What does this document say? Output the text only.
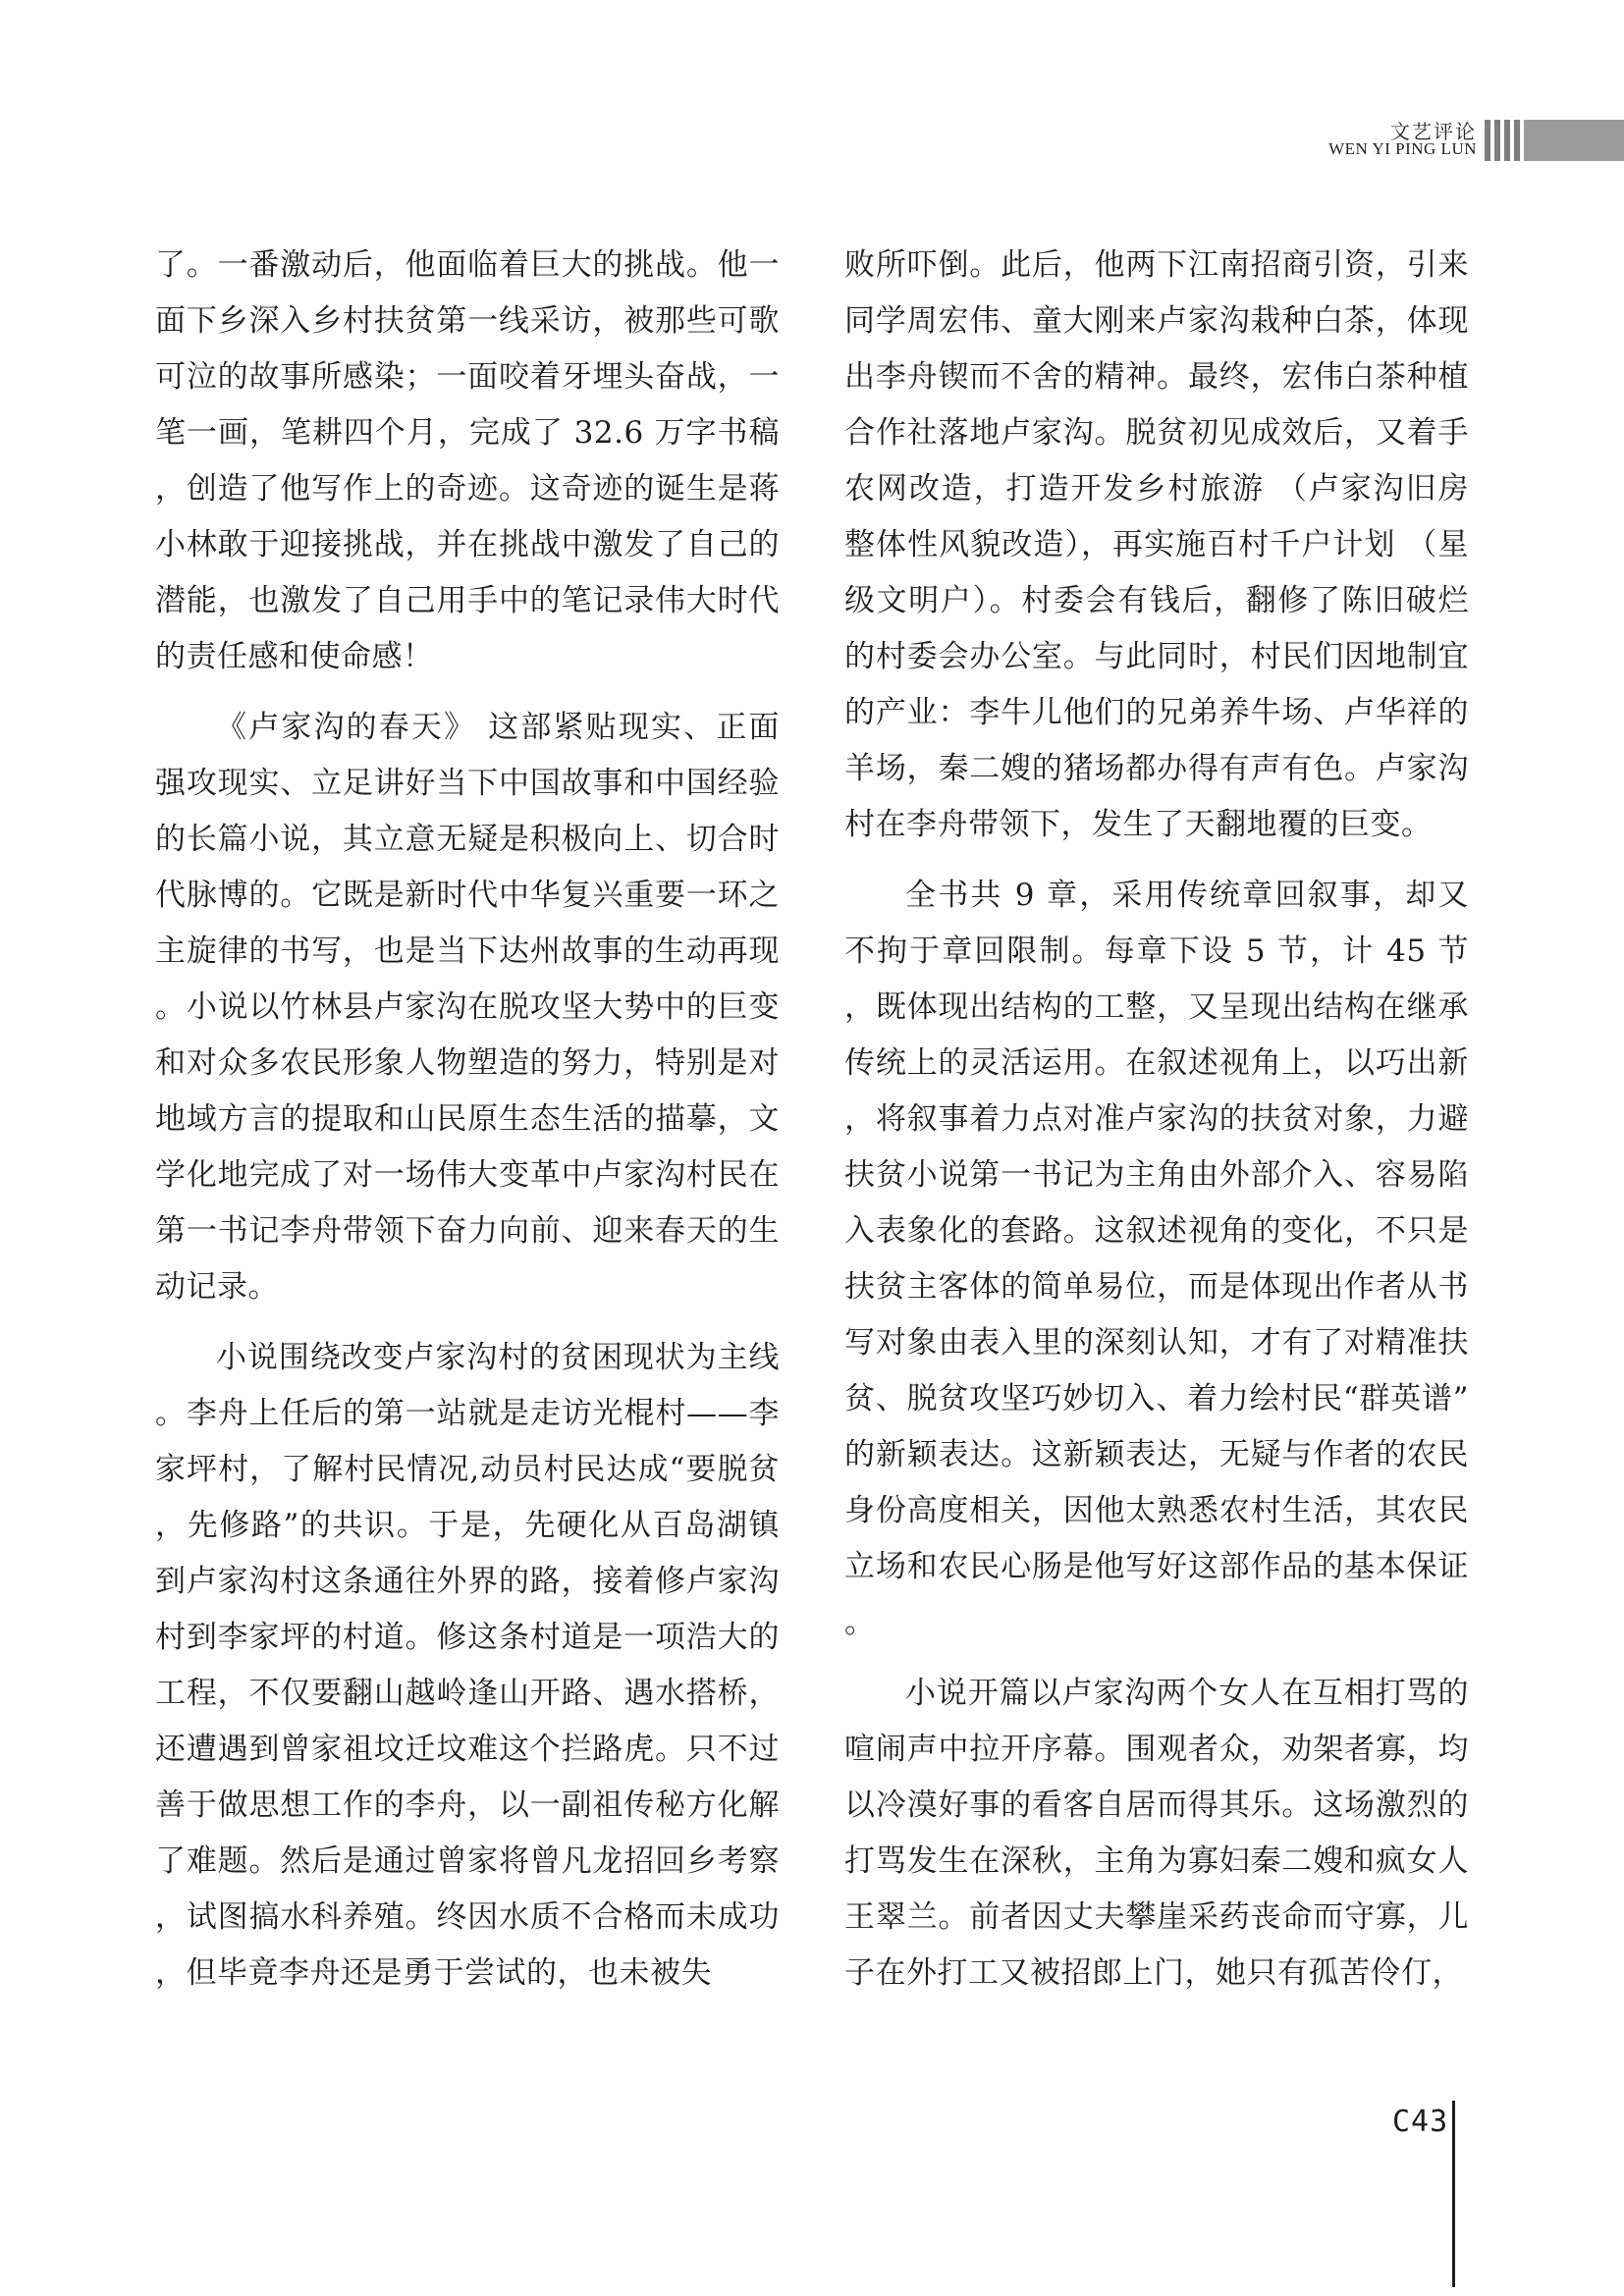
文艺评论
WEN YI PING LUN

了。一番激动后，他面临着巨大的挑战。他一面下乡深入乡村扶贫第一线采访，被那些可歌可泣的故事所感染；一面咬着牙埋头奋战，一笔一画，笔耕四个月，完成了 32.6 万字书稿，创造了他写作上的奇迹。这奇迹的诞生是蒋小林敢于迎接挑战，并在挑战中激发了自己的潜能，也激发了自己用手中的笔记录伟大时代的责任感和使命感！

《卢家沟的春天》 这部紧贴现实、正面强攻现实、立足讲好当下中国故事和中国经验的长篇小说，其立意无疑是积极向上、切合时代脉博的。它既是新时代中华复兴重要一环之主旋律的书写，也是当下达州故事的生动再现。小说以竹林县卢家沟在脱攻坚大势中的巨变和对众多农民形象人物塑造的努力，特别是对地域方言的提取和山民原生态生活的描摹，文学化地完成了对一场伟大变革中卢家沟村民在第一书记李舟带领下奋力向前、迎来春天的生动记录。

小说围绕改变卢家沟村的贫困现状为主线。李舟上任后的第一站就是走访光棍村——李家坪村，了解村民情况,动员村民达成“要脱贫，先修路”的共识。于是，先硬化从百岛湖镇到卢家沟村这条通往外界的路，接着修卢家沟村到李家坪的村道。修这条村道是一项浩大的工程，不仅要翻山越岭逢山开路、遇水搭桥，还遭遇到曾家祖坟迁坟难这个拦路虎。只不过善于做思想工作的李舟，以一副祖传秘方化解了难题。然后是通过曾家将曾凡龙招回乡考察，试图搞水科养殖。终因水质不合格而未成功，但毕竟李舟还是勇于尝试的，也未被失

败所吓倒。此后，他两下江南招商引资，引来同学周宏伟、童大刚来卢家沟栽种白茶，体现出李舟锲而不舍的精神。最终，宏伟白茶种植合作社落地卢家沟。脱贫初见成效后，又着手农网改造，打造开发乡村旅游 （卢家沟旧房整体性风貌改造），再实施百村千户计划 （星级文明户）。村委会有钱后，翻修了陈旧破烂的村委会办公室。与此同时，村民们因地制宜的产业：李牛儿他们的兄弟养牛场、卢华祥的羊场，秦二嫂的猪场都办得有声有色。卢家沟村在李舟带领下，发生了天翻地覆的巨变。

全书共 9 章，采用传统章回叙事，却又不拘于章回限制。每章下设 5 节，计 45 节，既体现出结构的工整，又呈现出结构在继承传统上的灵活运用。在叙述视角上，以巧出新，将叙事着力点对准卢家沟的扶贫对象，力避扶贫小说第一书记为主角由外部介入、容易陷入表象化的套路。这叙述视角的变化，不只是扶贫主客体的简单易位，而是体现出作者从书写对象由表入里的深刻认知，才有了对精准扶贫、脱贫攻坚巧妙切入、着力绘村民“群英谱”的新颖表达。这新颖表达，无疑与作者的农民身份高度相关，因他太熟悉农村生活，其农民立场和农民心肠是他写好这部作品的基本保证。

小说开篇以卢家沟两个女人在互相打骂的喧闹声中拉开序幕。围观者众，劝架者寡，均以冷漠好事的看客自居而得其乐。这场激烈的打骂发生在深秋，主角为寡妇秦二嫂和疯女人王翠兰。前者因丈夫攀崖采药丧命而守寡，儿子在外打工又被招郎上门，她只有孤苦伶仃，

C43
